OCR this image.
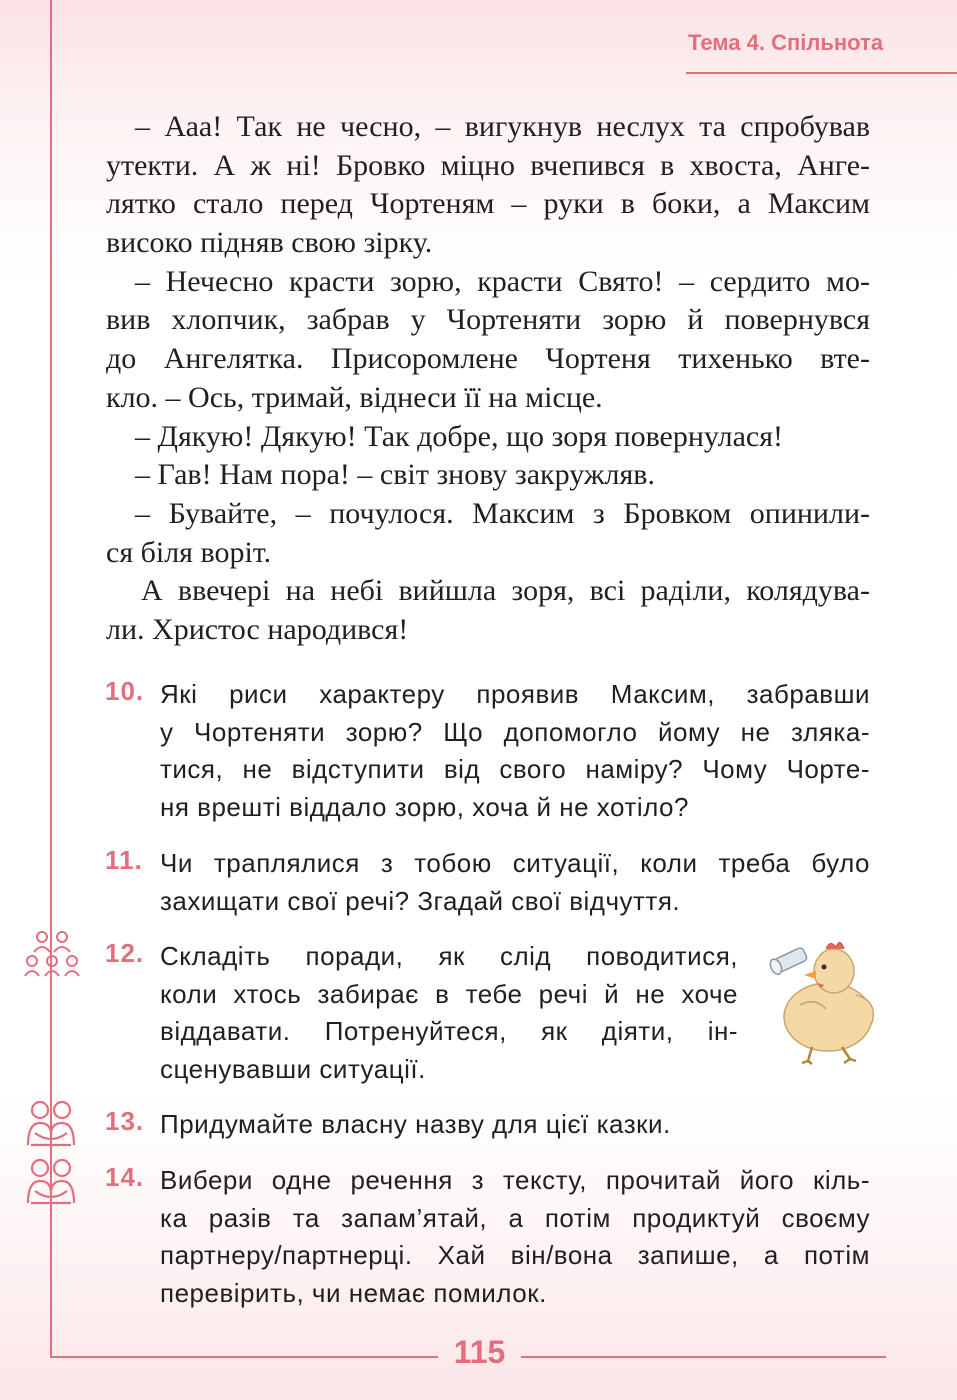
Тема 4. Спільнота
– Ааа! Так не чесно, – вигукнув неслух та спробував
утекти. А ж ні! Бровко міцно вчепився в хвоста, Анге-
лятко стало перед Чортеням – руки в боки, а Максим
високо підняв свою зірку.
– Нечесно красти зорю, красти Свято! – сердито мо-
вив хлопчик, забрав у Чортеняти зорю й повернувся
до Ангелятка. Присоромлене Чортеня тихенько вте-
кло. – Ось, тримай, віднеси її на місце.
– Дякую! Дякую! Так добре, що зоря повернулася!
– Гав! Нам пора! – світ знову закружляв.
– Бувайте, – почулося. Максим з Бровком опинили-
ся біля воріт.
А ввечері на небі вийшла зоря, всі раділи, колядува-
ли. Христос народився!
10. Які риси характеру проявив Максим, забравши
у Чортеняти зорю? Що допомогло йому не зляка-
тися, не відступити від свого наміру? Чому Чорте-
ня врешті віддало зорю, хоча й не хотіло?
11. Чи траплялися з тобою ситуації, коли треба було
захищати свої речі? Згадай свої відчуття.
12. Складіть поради, як слід поводитися,
коли хтось забирає в тебе речі й не хоче
віддавати. Потренуйтеся, як діяти, ін-
сценувавши ситуації.
13. Придумайте власну назву для цієї казки.
14. Вибери одне речення з тексту, прочитай його кіль-
ка разів та запам’ятай, а потім продиктуй своєму
партнеру/партнерці. Хай він/вона запише, а потім
перевірить, чи немає помилок.
115
